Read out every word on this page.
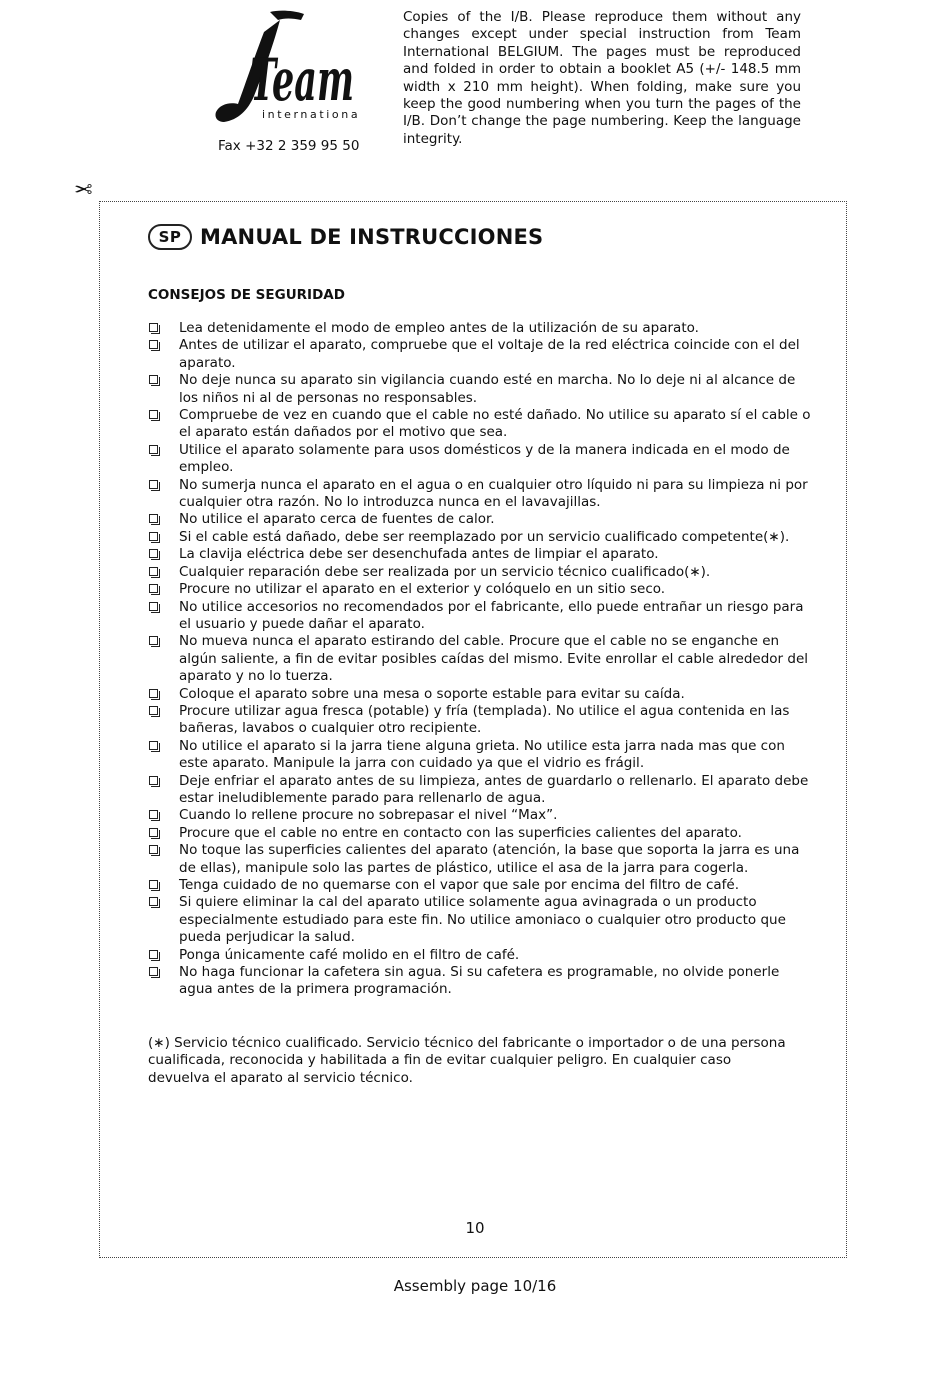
Team
international
Fax +32 2 359 95 50
Copies of the I/B. Please reproduce them without any changes except under special instruction from Team International BELGIUM. The pages must be reproduced and folded in order to obtain a booklet A5 (+/- 148.5 mm width x 210 mm height). When folding, make sure you keep the good numbering when you turn the pages of the I/B. Don’t change the page numbering. Keep the language integrity.
✂
SP MANUAL DE INSTRUCCIONES
CONSEJOS DE SEGURIDAD
Lea detenidamente el modo de empleo antes de la utilización de su aparato.
Antes de utilizar el aparato, compruebe que el voltaje de la red eléctrica coincide con el del aparato.
No deje nunca su aparato sin vigilancia cuando esté en marcha. No lo deje ni al alcance de los niños ni al de personas no responsables.
Compruebe de vez en cuando que el cable no esté dañado. No utilice su aparato sí el cable o el aparato están dañados por el motivo que sea.
Utilice el aparato solamente para usos domésticos y de la manera indicada en el modo de empleo.
No sumerja nunca el aparato en el agua o en cualquier otro líquido ni para su limpieza ni por cualquier otra razón. No lo introduzca nunca en el lavavajillas.
No utilice el aparato cerca de fuentes de calor.
Si el cable está dañado, debe ser reemplazado por un servicio cualificado competente(∗).
La clavija eléctrica debe ser desenchufada antes de limpiar el aparato.
Cualquier reparación debe ser realizada por un servicio técnico cualificado(∗).
Procure no utilizar el aparato en el exterior y colóquelo en un sitio seco.
No utilice accesorios no recomendados por el fabricante, ello puede entrañar un riesgo para el usuario y puede dañar el aparato.
No mueva nunca el aparato estirando del cable. Procure que el cable no se enganche en algún saliente, a fin de evitar posibles caídas del mismo. Evite enrollar el cable alrededor del aparato y no lo tuerza.
Coloque el aparato sobre una mesa o soporte estable para evitar su caída.
Procure utilizar agua fresca (potable) y fría (templada). No utilice el agua contenida en las bañeras, lavabos o cualquier otro recipiente.
No utilice el aparato si la jarra tiene alguna grieta. No utilice esta jarra nada mas que con este aparato. Manipule la jarra con cuidado ya que el vidrio es frágil.
Deje enfriar el aparato antes de su limpieza, antes de guardarlo o rellenarlo. El aparato debe estar ineludiblemente parado para rellenarlo de agua.
Cuando lo rellene procure no sobrepasar el nivel “Max”.
Procure que el cable no entre en contacto con las superficies calientes del aparato.
No toque las superficies calientes del aparato (atención, la base que soporta la jarra es una de ellas), manipule solo las partes de plástico, utilice el asa de la jarra para cogerla.
Tenga cuidado de no quemarse con el vapor que sale por encima del filtro de café.
Si quiere eliminar la cal del aparato utilice solamente agua avinagrada o un producto especialmente estudiado para este fin. No utilice amoniaco o cualquier otro producto que pueda perjudicar la salud.
Ponga únicamente café molido en el filtro de café.
No haga funcionar la cafetera sin agua. Si su cafetera es programable, no olvide ponerle agua antes de la primera programación.
(∗) Servicio técnico cualificado. Servicio técnico del fabricante o importador o de una persona cualificada, reconocida y habilitada a fin de evitar cualquier peligro. En cualquier caso devuelva el aparato al servicio técnico.
10
Assembly page 10/16
